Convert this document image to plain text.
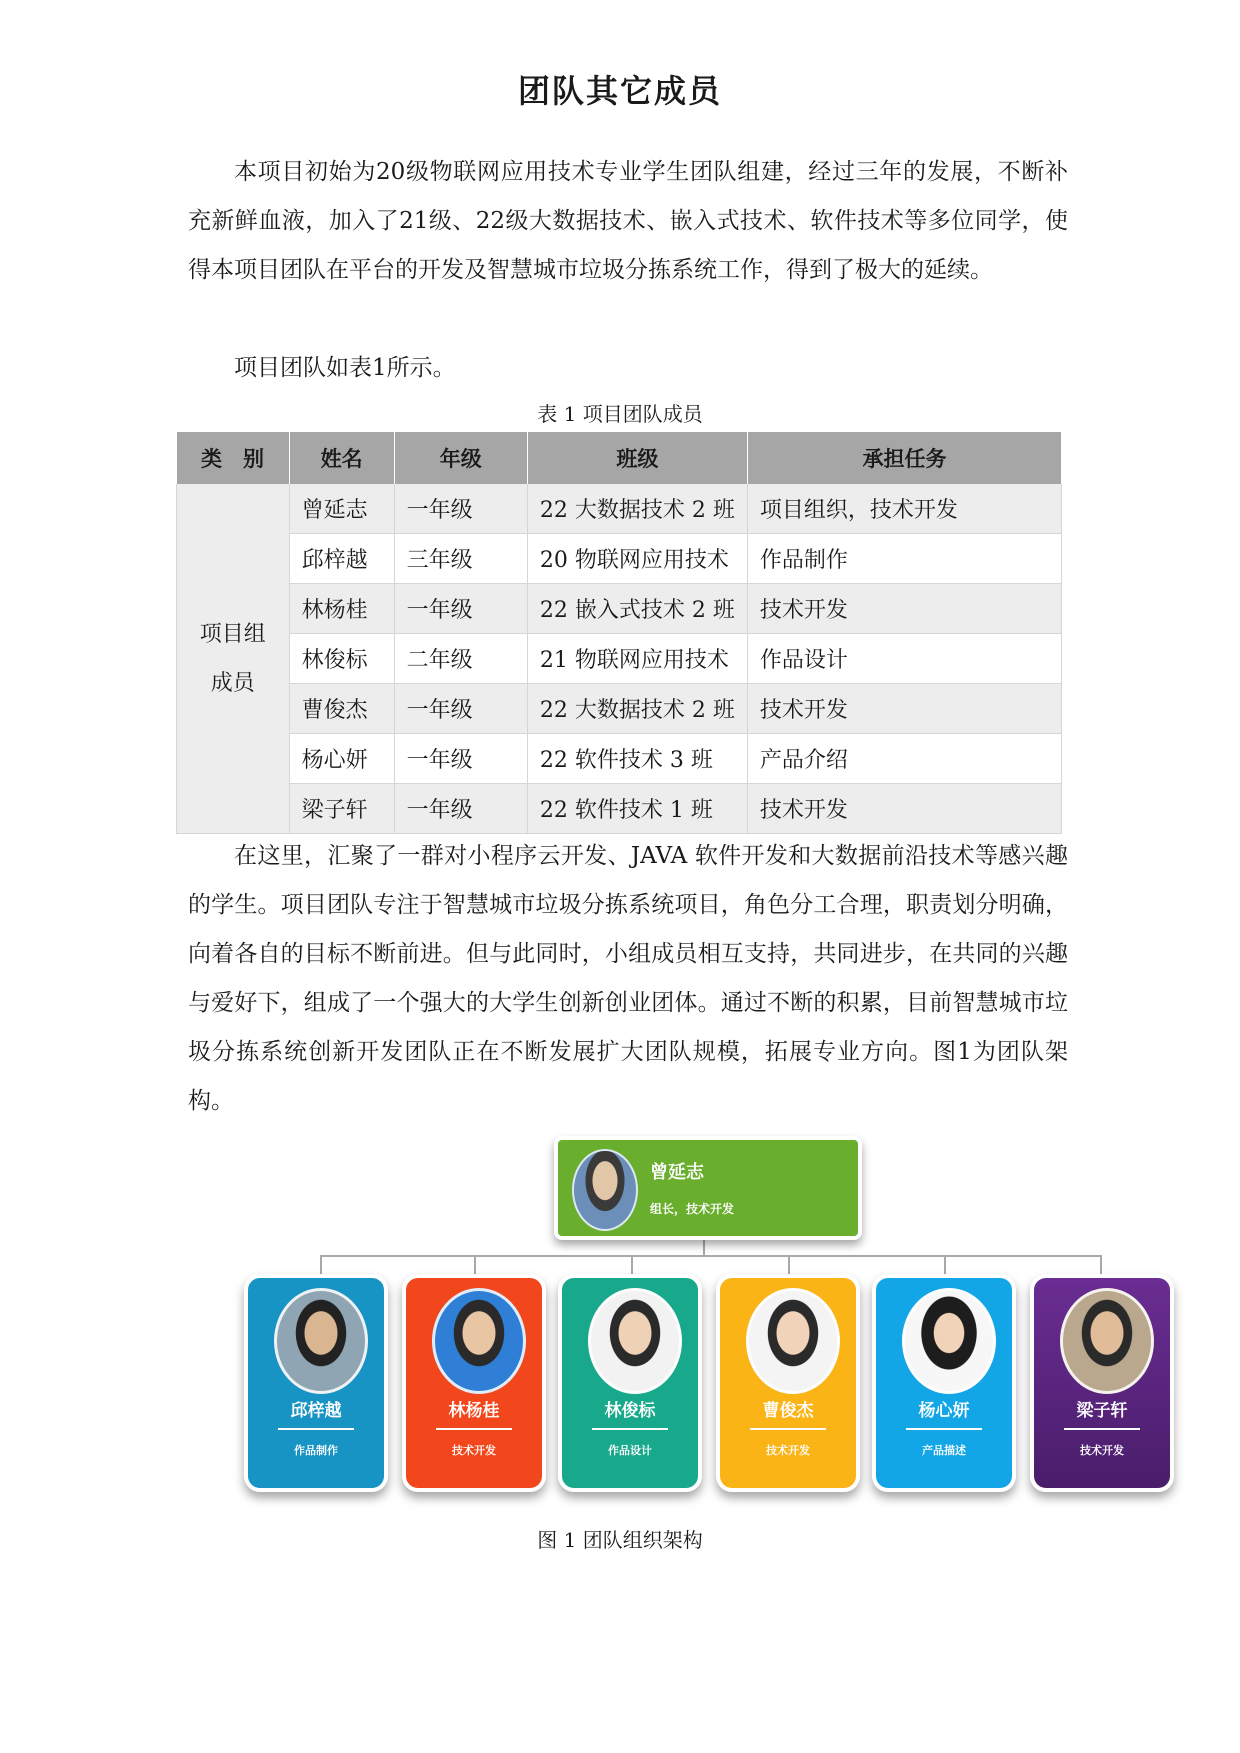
团队其它成员

本项目初始为20级物联网应用技术专业学生团队组建，经过三年的发展，不断补充新鲜血液，加入了21级、22级大数据技术、嵌入式技术、软件技术等多位同学，使得本项目团队在平台的开发及智慧城市垃圾分拣系统工作，得到了极大的延续。

项目团队如表1所示。

表 1 项目团队成员
类　别	姓名	年级	班级	承担任务

项目组
成员	曾延志	一年级	22 大数据技术 2 班	项目组织，技术开发
	邱梓越	三年级	20 物联网应用技术	作品制作
	林杨桂	一年级	22 嵌入式技术 2 班	技术开发
	林俊标	二年级	21 物联网应用技术	作品设计
	曹俊杰	一年级	22 大数据技术 2 班	技术开发
	杨心妍	一年级	22 软件技术 3 班	产品介绍
	梁子轩	一年级	22 软件技术 1 班	技术开发

在这里，汇聚了一群对小程序云开发、JAVA 软件开发和大数据前沿技术等感兴趣的学生。项目团队专注于智慧城市垃圾分拣系统项目，角色分工合理，职责划分明确，向着各自的目标不断前进。但与此同时，小组成员相互支持，共同进步，在共同的兴趣与爱好下，组成了一个强大的大学生创新创业团体。通过不断的积累，目前智慧城市垃圾分拣系统创新开发团队正在不断发展扩大团队规模，拓展专业方向。图1为团队架构。

曾延志
组长，技术开发
邱梓越
作品制作
林杨桂
技术开发
林俊标
作品设计
曹俊杰
技术开发
杨心妍
产品描述
梁子轩
技术开发
图 1 团队组织架构
